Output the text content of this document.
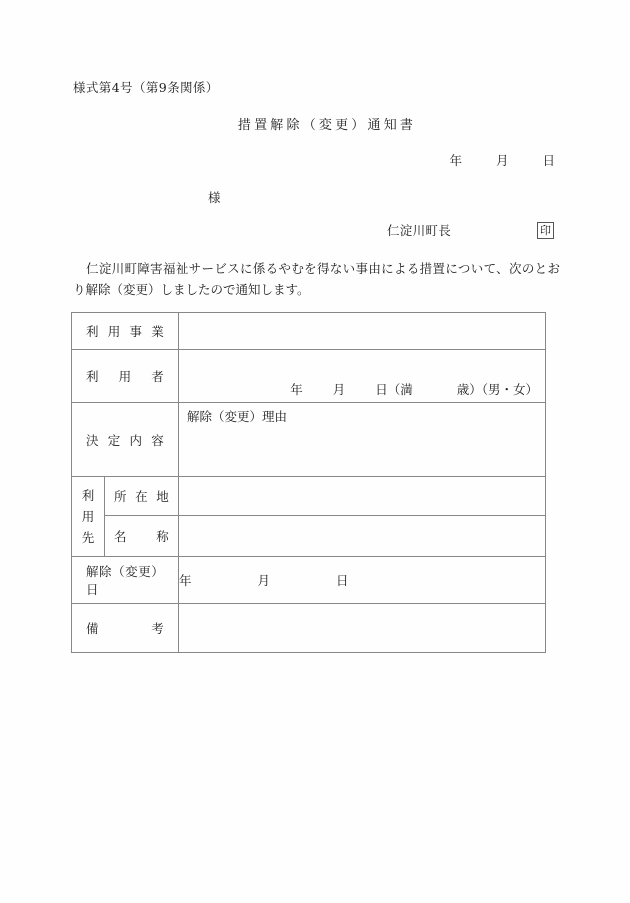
様式第4号（第9条関係）
措置解除（変更）通知書
年	月	日
様
仁淀川町長	印
仁淀川町障害福祉サービスに係るやむを得ない事由による措置について、次のとおり解除（変更）しましたので通知します。
利用事業		

利用者		年 月 日（満 歳）（男・女）

決定内容		解除（変更）理由

利
用
先	所在地	

	名称	

解除（変更）日		年 月 日

備考		
